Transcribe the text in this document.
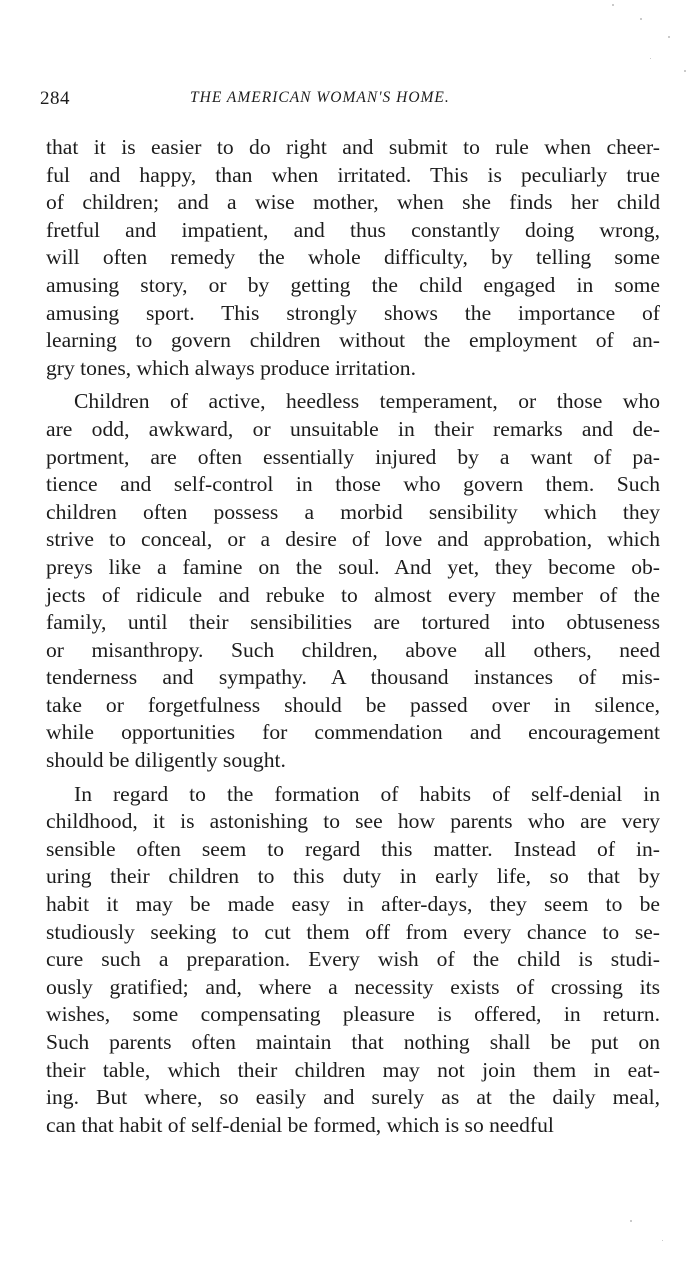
284	THE AMERICAN WOMAN'S HOME.
that it is easier to do right and submit to rule when cheer-
ful and happy, than when irritated. This is peculiarly true
of children; and a wise mother, when she finds her child
fretful and impatient, and thus constantly doing wrong,
will often remedy the whole difficulty, by telling some
amusing story, or by getting the child engaged in some
amusing sport. This strongly shows the importance of
learning to govern children without the employment of an-
gry tones, which always produce irritation.
Children of active, heedless temperament, or those who
are odd, awkward, or unsuitable in their remarks and de-
portment, are often essentially injured by a want of pa-
tience and self-control in those who govern them. Such
children often possess a morbid sensibility which they
strive to conceal, or a desire of love and approbation, which
preys like a famine on the soul. And yet, they become ob-
jects of ridicule and rebuke to almost every member of the
family, until their sensibilities are tortured into obtuseness
or misanthropy. Such children, above all others, need
tenderness and sympathy. A thousand instances of mis-
take or forgetfulness should be passed over in silence,
while opportunities for commendation and encouragement
should be diligently sought.
In regard to the formation of habits of self-denial in
childhood, it is astonishing to see how parents who are very
sensible often seem to regard this matter. Instead of in-
uring their children to this duty in early life, so that by
habit it may be made easy in after-days, they seem to be
studiously seeking to cut them off from every chance to se-
cure such a preparation. Every wish of the child is studi-
ously gratified; and, where a necessity exists of crossing its
wishes, some compensating pleasure is offered, in return.
Such parents often maintain that nothing shall be put on
their table, which their children may not join them in eat-
ing. But where, so easily and surely as at the daily meal,
can that habit of self-denial be formed, which is so needful
